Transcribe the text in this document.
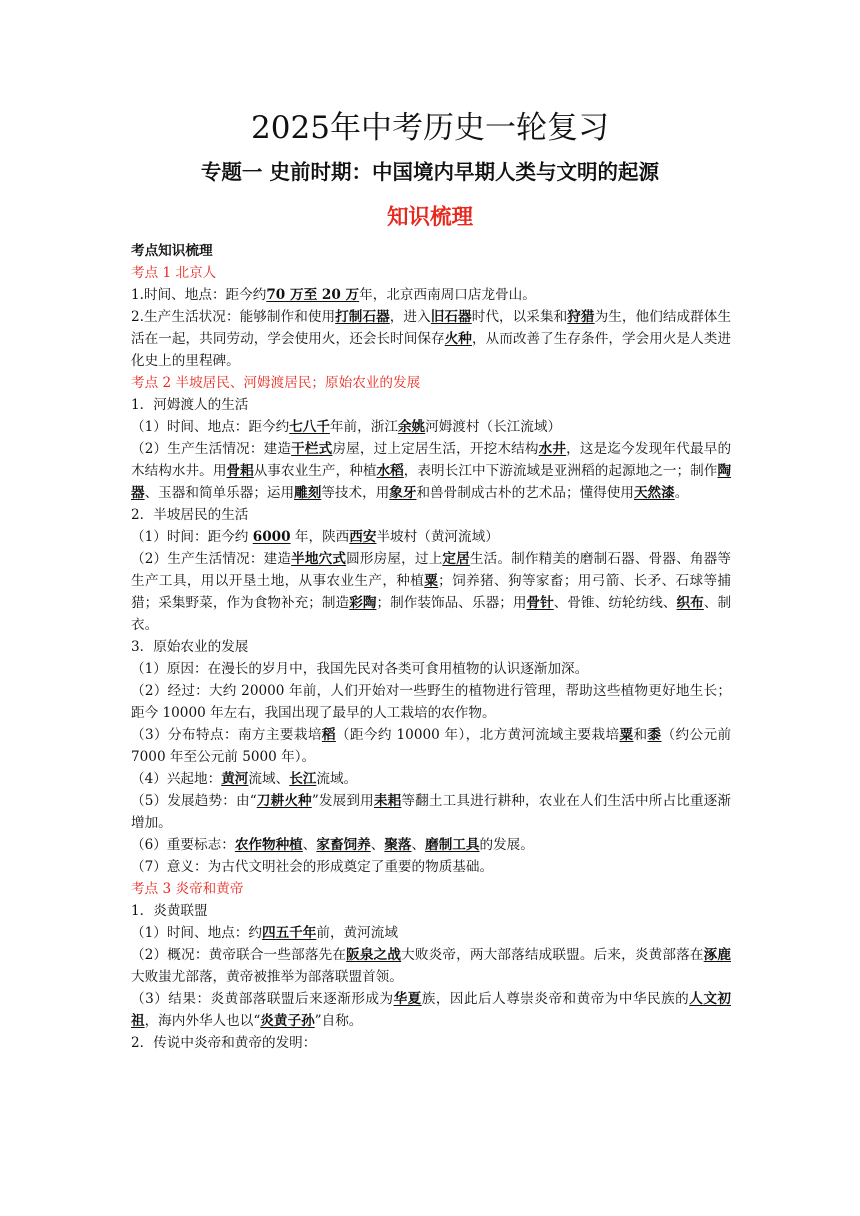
2025年中考历史一轮复习
专题一 史前时期：中国境内早期人类与文明的起源
知识梳理
考点知识梳理
考点 1 北京人
1.时间、地点：距今约70 万至 20 万年，北京西南周口店龙骨山。
2.生产生活状况：能够制作和使用打制石器，进入旧石器时代，以采集和狩猎为生，他们结成群体生活在一起，共同劳动，学会使用火，还会长时间保存火种，从而改善了生存条件，学会用火是人类进化史上的里程碑。
考点 2 半坡居民、河姆渡居民；原始农业的发展
1．河姆渡人的生活
（1）时间、地点：距今约七八千年前，浙江余姚河姆渡村（长江流域）
（2）生产生活情况：建造干栏式房屋，过上定居生活，开挖木结构水井，这是迄今发现年代最早的木结构水井。用骨耜从事农业生产，种植水稻，表明长江中下游流域是亚洲稻的起源地之一；制作陶器、玉器和简单乐器；运用雕刻等技术，用象牙和兽骨制成古朴的艺术品；懂得使用天然漆。
2．半坡居民的生活
（1）时间：距今约 6000 年，陕西西安半坡村（黄河流域）
（2）生产生活情况：建造半地穴式圆形房屋，过上定居生活。制作精美的磨制石器、骨器、角器等生产工具，用以开垦土地，从事农业生产，种植粟；饲养猪、狗等家畜；用弓箭、长矛、石球等捕猎；采集野菜，作为食物补充；制造彩陶；制作装饰品、乐器；用骨针、骨锥、纺轮纺线、织布、制衣。
3．原始农业的发展
（1）原因：在漫长的岁月中，我国先民对各类可食用植物的认识逐渐加深。
（2）经过：大约 20000 年前，人们开始对一些野生的植物进行管理，帮助这些植物更好地生长；距今 10000 年左右，我国出现了最早的人工栽培的农作物。
（3）分布特点：南方主要栽培稻（距今约 10000 年），北方黄河流域主要栽培粟和黍（约公元前 7000 年至公元前 5000 年）。
（4）兴起地：黄河流域、长江流域。
（5）发展趋势：由“刀耕火种”发展到用耒耜等翻土工具进行耕种，农业在人们生活中所占比重逐渐增加。
（6）重要标志：农作物种植、家畜饲养、聚落、磨制工具的发展。
（7）意义：为古代文明社会的形成奠定了重要的物质基础。
考点 3 炎帝和黄帝
1．炎黄联盟
（1）时间、地点：约四五千年前，黄河流域
（2）概况：黄帝联合一些部落先在阪泉之战大败炎帝，两大部落结成联盟。后来，炎黄部落在涿鹿大败蚩尤部落，黄帝被推举为部落联盟首领。
（3）结果：炎黄部落联盟后来逐渐形成为华夏族，因此后人尊崇炎帝和黄帝为中华民族的人文初祖，海内外华人也以“炎黄子孙”自称。
2．传说中炎帝和黄帝的发明：
